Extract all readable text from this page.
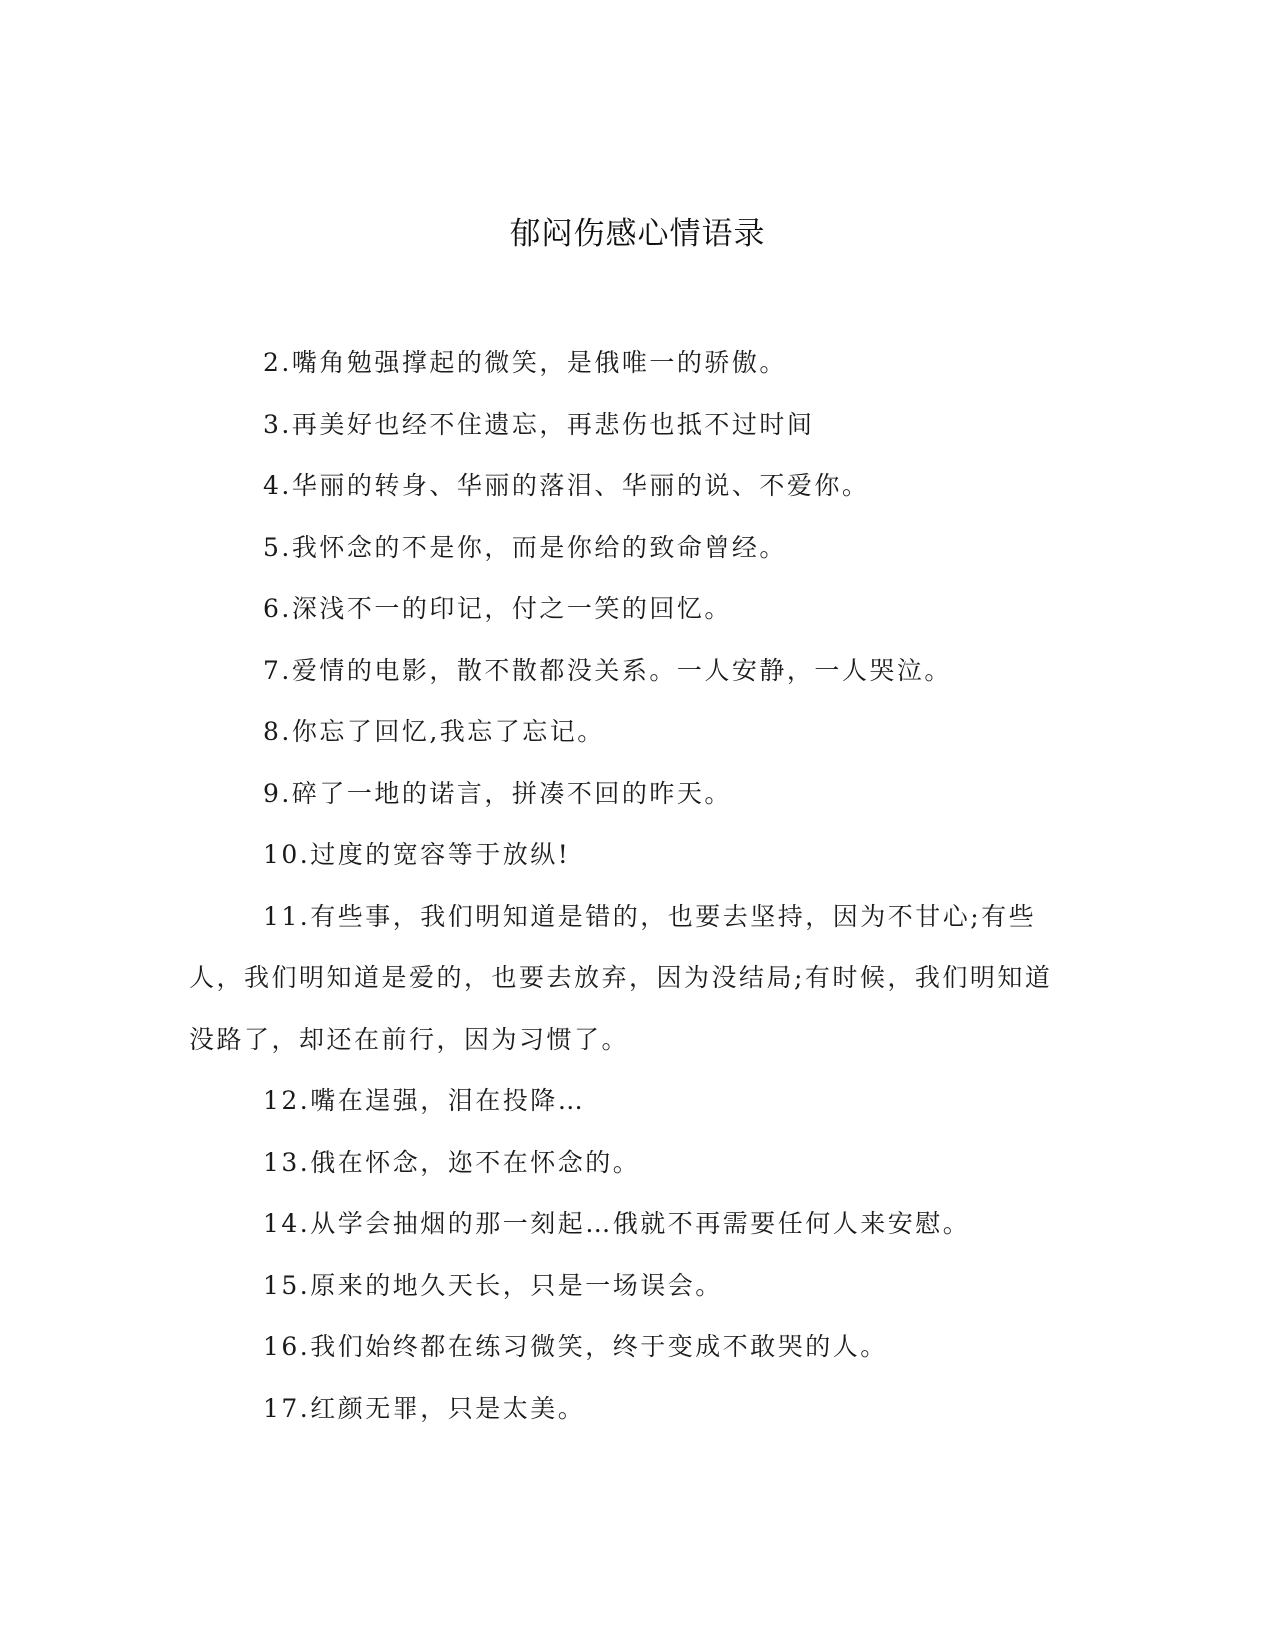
郁闷伤感心情语录

2.嘴角勉强撑起的微笑，是俄唯一的骄傲。

3.再美好也经不住遗忘，再悲伤也抵不过时间

4.华丽的转身、华丽的落泪、华丽的说、不爱你。

5.我怀念的不是你，而是你给的致命曾经。

6.深浅不一的印记，付之一笑的回忆。

7.爱情的电影，散不散都没关系。一人安静，一人哭泣。

8.你忘了回忆,我忘了忘记。

9.碎了一地的诺言，拼凑不回的昨天。

10.过度的宽容等于放纵!

11.有些事，我们明知道是错的，也要去坚持，因为不甘心;有些人，我们明知道是爱的，也要去放弃，因为没结局;有时候，我们明知道没路了，却还在前行，因为习惯了。

12.嘴在逞强，泪在投降…

13.俄在怀念，迩不在怀念的。

14.从学会抽烟的那一刻起…俄就不再需要任何人来安慰。

15.原来的地久天长，只是一场误会。

16.我们始终都在练习微笑，终于变成不敢哭的人。

17.红颜无罪，只是太美。
